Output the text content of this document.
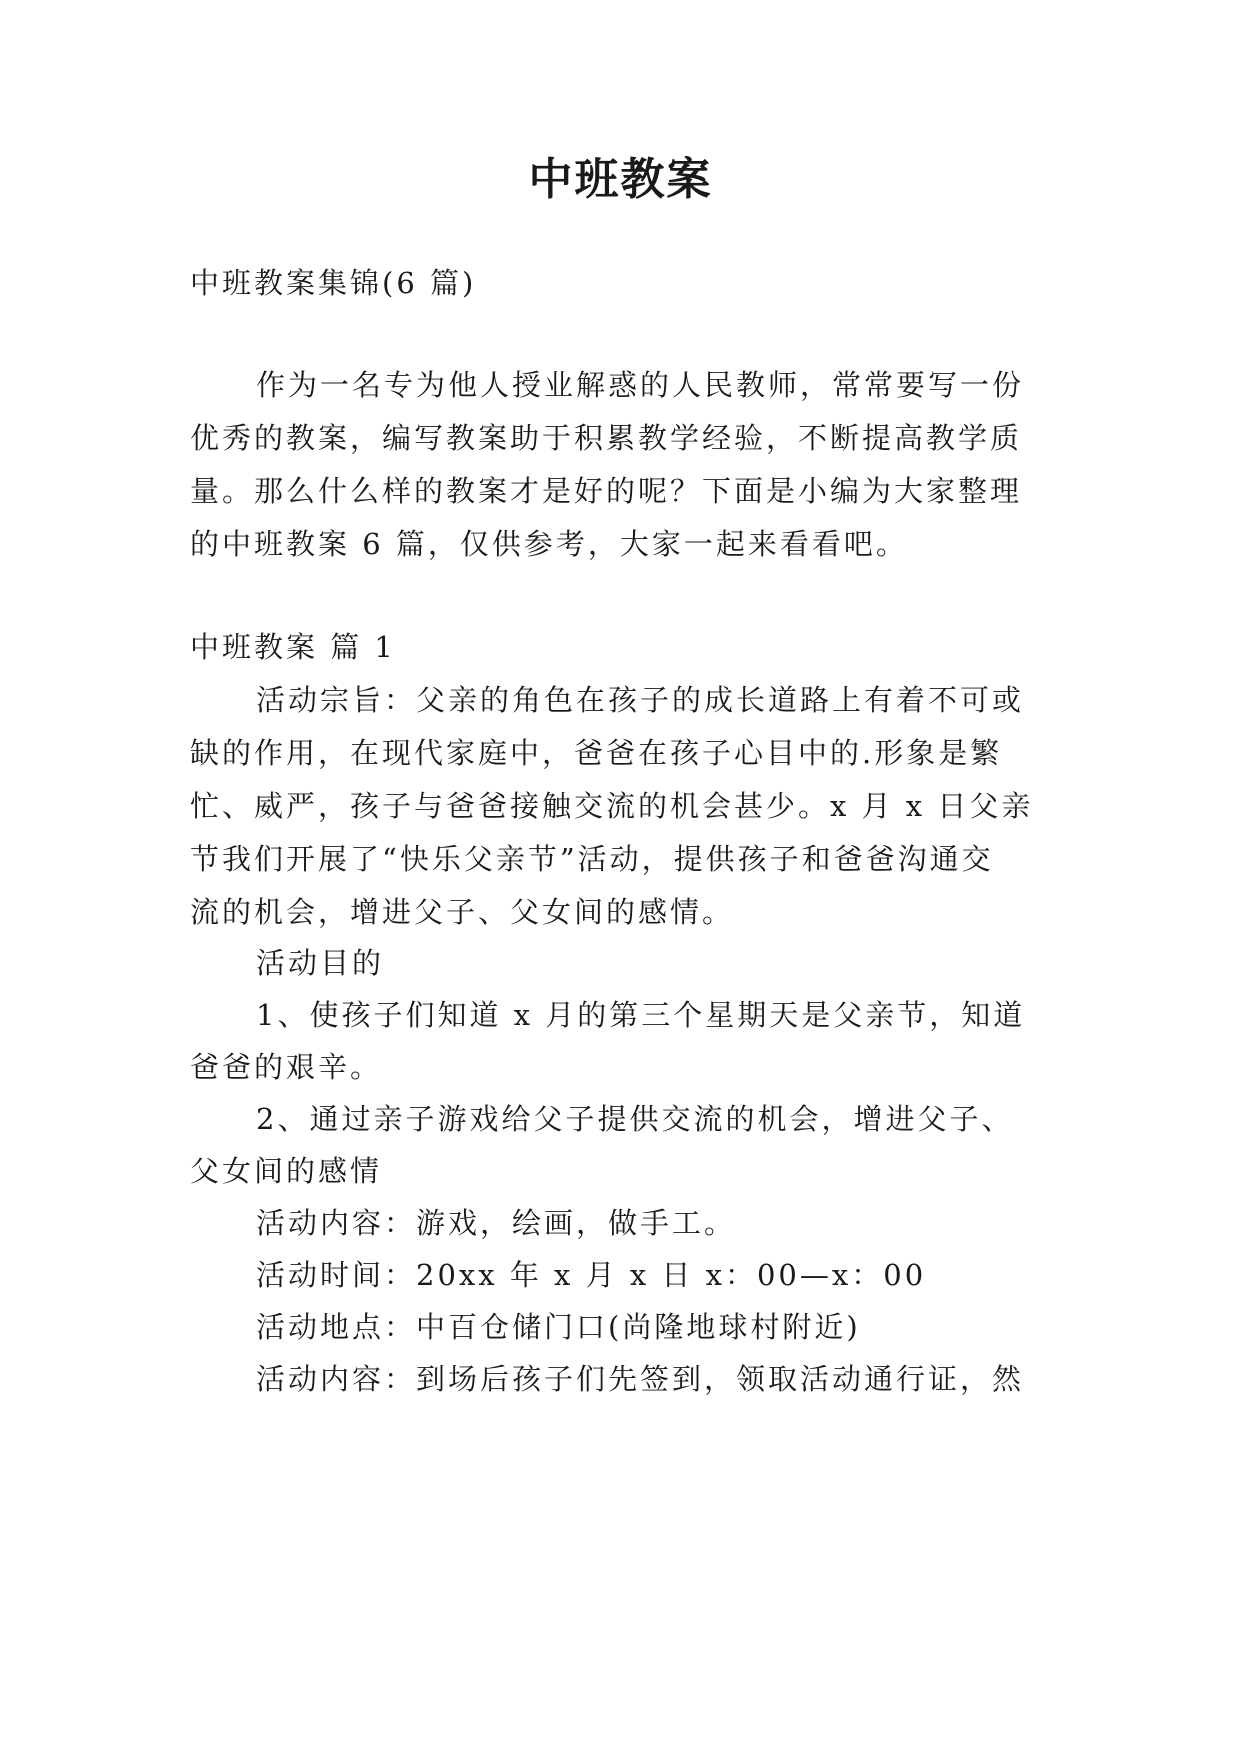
中班教案
中班教案集锦(6 篇)
作为一名专为他人授业解惑的人民教师，常常要写一份
优秀的教案，编写教案助于积累教学经验，不断提高教学质
量。那么什么样的教案才是好的呢？下面是小编为大家整理
的中班教案 6 篇，仅供参考，大家一起来看看吧。
中班教案 篇 1
活动宗旨：父亲的角色在孩子的成长道路上有着不可或
缺的作用，在现代家庭中，爸爸在孩子心目中的.形象是繁
忙、威严，孩子与爸爸接触交流的机会甚少。x 月 x 日父亲
节我们开展了“快乐父亲节”活动，提供孩子和爸爸沟通交
流的机会，增进父子、父女间的感情。
活动目的
1、使孩子们知道 x 月的第三个星期天是父亲节，知道
爸爸的艰辛。
2、通过亲子游戏给父子提供交流的机会，增进父子、
父女间的感情
活动内容：游戏，绘画，做手工。
活动时间：20xx 年 x 月 x 日 x：00—x：00
活动地点：中百仓储门口(尚隆地球村附近)
活动内容：到场后孩子们先签到，领取活动通行证，然
